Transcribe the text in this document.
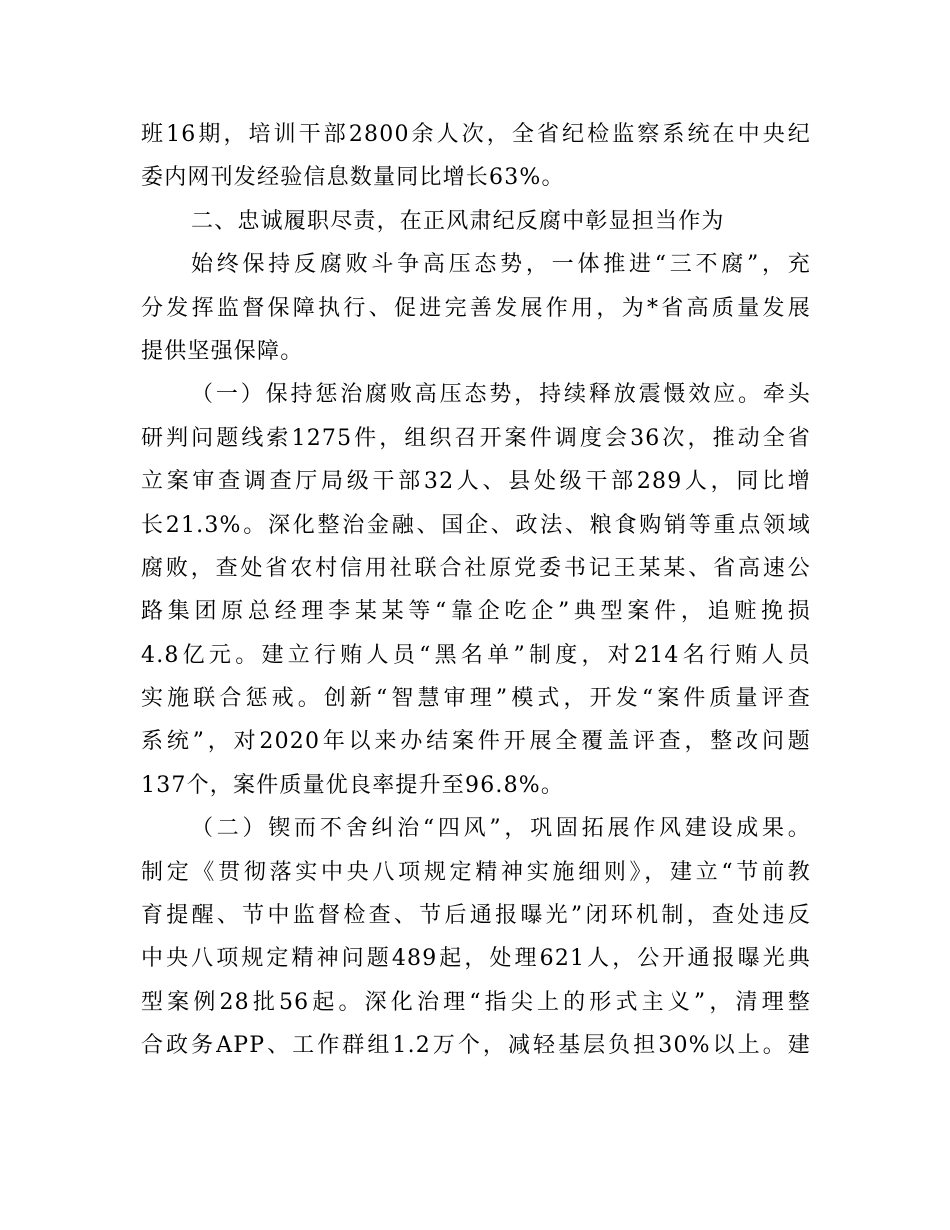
班16期，培训干部2800余人次，全省纪检监察系统在中央纪
委内网刊发经验信息数量同比增长63%。
二、忠诚履职尽责，在正风肃纪反腐中彰显担当作为
始终保持反腐败斗争高压态势，一体推进“三不腐”，充
分发挥监督保障执行、促进完善发展作用，为*省高质量发展
提供坚强保障。
（一）保持惩治腐败高压态势，持续释放震慑效应。牵头
研判问题线索1275件，组织召开案件调度会36次，推动全省
立案审查调查厅局级干部32人、县处级干部289人，同比增
长21.3%。深化整治金融、国企、政法、粮食购销等重点领域
腐败，查处省农村信用社联合社原党委书记王某某、省高速公
路集团原总经理李某某等“靠企吃企”典型案件，追赃挽损
4.8亿元。建立行贿人员“黑名单”制度，对214名行贿人员
实施联合惩戒。创新“智慧审理”模式，开发“案件质量评查
系统”，对2020年以来办结案件开展全覆盖评查，整改问题
137个，案件质量优良率提升至96.8%。
（二）锲而不舍纠治“四风”，巩固拓展作风建设成果。
制定《贯彻落实中央八项规定精神实施细则》，建立“节前教
育提醒、节中监督检查、节后通报曝光”闭环机制，查处违反
中央八项规定精神问题489起，处理621人，公开通报曝光典
型案例28批56起。深化治理“指尖上的形式主义”，清理整
合政务APP、工作群组1.2万个，减轻基层负担30%以上。建
